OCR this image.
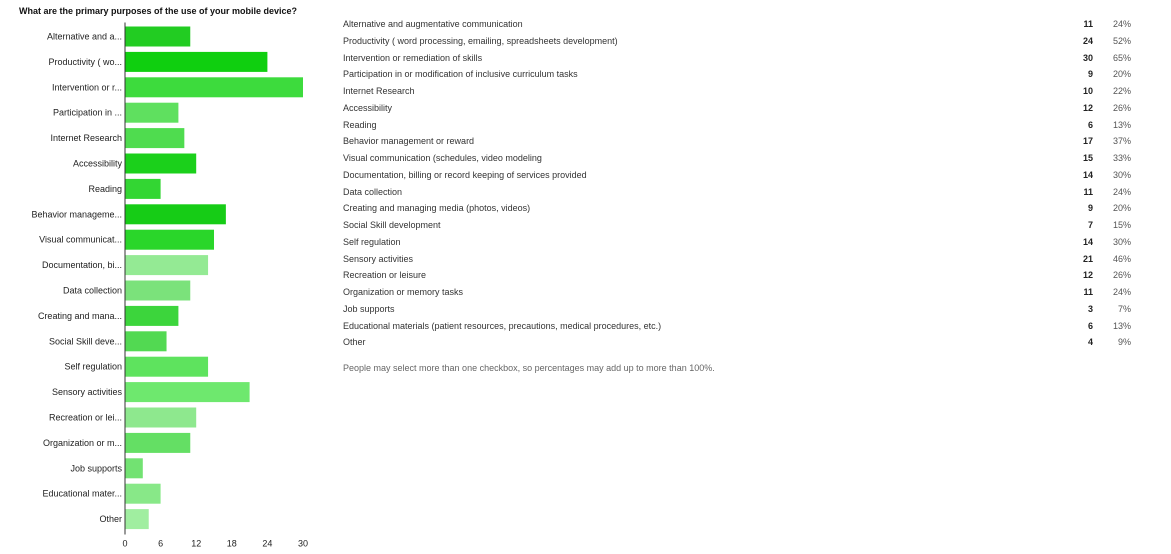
What are the primary purposes of the use of your mobile device?
Alternative and a...
Productivity ( wo...
Intervention or r...
Participation in ...
Internet Research
Accessibility
Reading
Behavior manageme...
Visual communicat...
Documentation, bi...
Data collection
Creating and mana...
Social Skill deve...
Self regulation
Sensory activities
Recreation or lei...
Organization or m...
Job supports
Educational mater...
Other
0	6	12	18	24	30
Alternative and augmentative communication	11	24%
Productivity ( word processing, emailing, spreadsheets development)	24	52%
Intervention or remediation of skills	30	65%
Participation in or modification of inclusive curriculum tasks	9	20%
Internet Research	10	22%
Accessibility	12	26%
Reading	6	13%
Behavior management or reward	17	37%
Visual communication (schedules, video modeling	15	33%
Documentation, billing or record keeping of services provided	14	30%
Data collection	11	24%
Creating and managing media (photos, videos)	9	20%
Social Skill development	7	15%
Self regulation	14	30%
Sensory activities	21	46%
Recreation or leisure	12	26%
Organization or memory tasks	11	24%
Job supports	3	7%
Educational materials (patient resources, precautions, medical procedures, etc.)	6	13%
Other	4	9%
People may select more than one checkbox, so percentages may add up to more than 100%.
